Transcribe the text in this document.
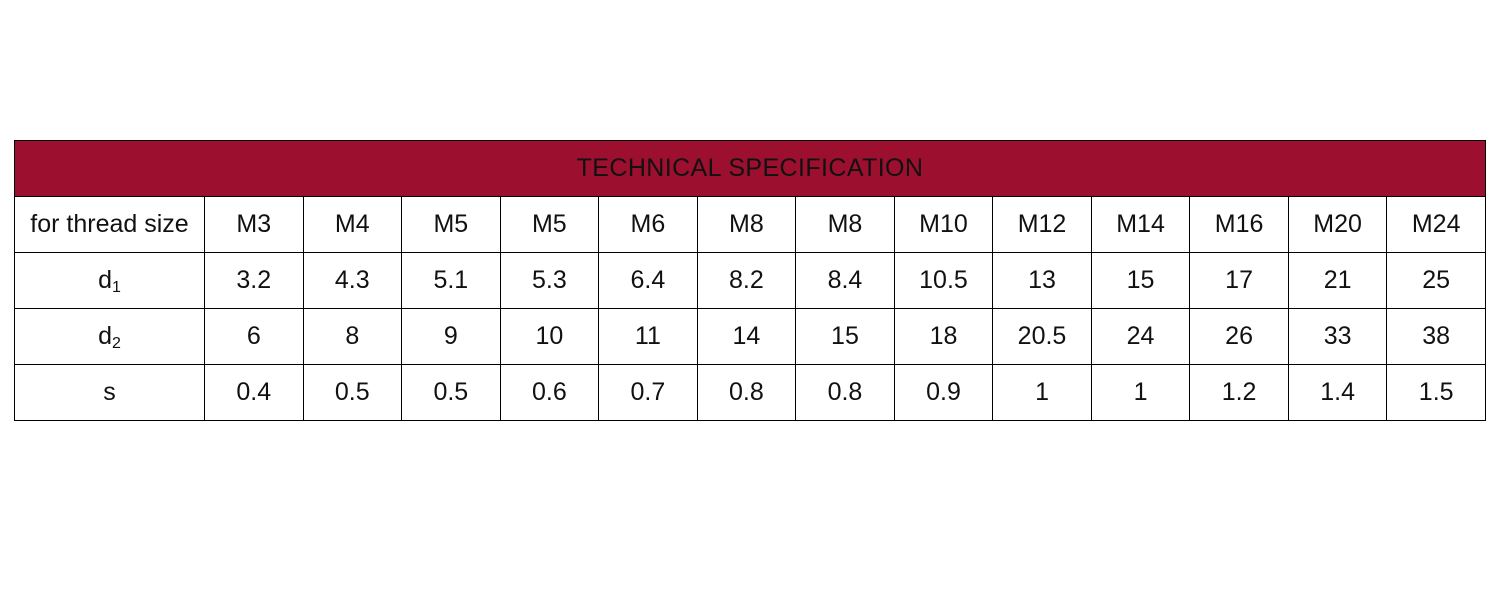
TECHNICAL SPECIFICATION													
for thread size	M3	M4	M5	M5	M6	M8	M8	M10	M12	M14	M16	M20	M24
$d_1$	3.2	4.3	5.1	5.3	6.4	8.2	8.4	10.5	13	15	17	21	25
$d_2$	6	8	9	10	11	14	15	18	20.5	24	26	33	38
s	0.4	0.5	0.5	0.6	0.7	0.8	0.8	0.9	1	1	1.2	1.4	1.5
